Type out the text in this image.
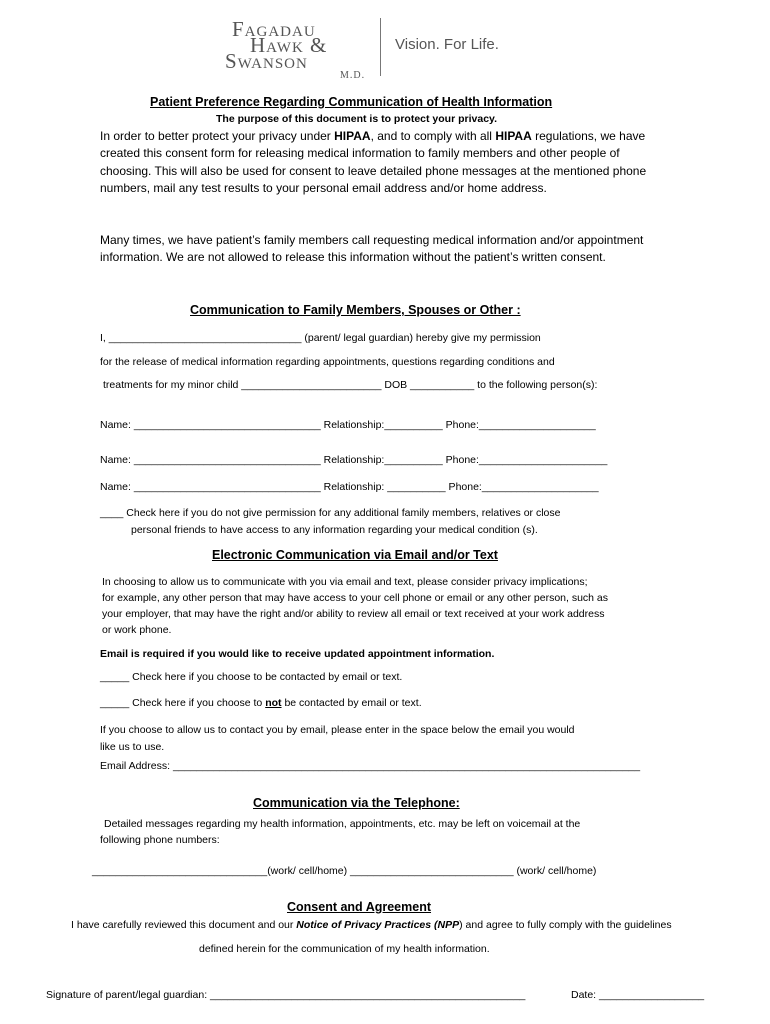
Fagadau
Hawk &
Swanson
M.D.
Vision. For Life.
Patient Preference Regarding Communication of Health Information
The purpose of this document is to protect your privacy.
In order to better protect your privacy under HIPAA, and to comply with all HIPAA regulations, we have created this consent form for releasing medical information to family members and other people of choosing. This will also be used for consent to leave detailed phone messages at the mentioned phone numbers, mail any test results to your personal email address and/or home address.
Many times, we have patient’s family members call requesting medical information and/or appointment information. We are not allowed to release this information without the patient’s written consent.
Communication to Family Members, Spouses or Other :
I, _________________________________ (parent/ legal guardian) hereby give my permission
for the release of medical information regarding appointments, questions regarding conditions and
treatments for my minor child ________________________ DOB ___________ to the following person(s):
Name: ________________________________ Relationship:__________ Phone:____________________
Name: ________________________________ Relationship:__________ Phone:______________________
Name: ________________________________ Relationship: __________ Phone:____________________
____ Check here if you do not give permission for any additional family members, relatives or close
personal friends to have access to any information regarding your medical condition (s).
Electronic Communication via Email and/or Text
In choosing to allow us to communicate with you via email and text, please consider privacy implications;
for example, any other person that may have access to your cell phone or email or any other person, such as
your employer, that may have the right and/or ability to review all email or text received at your work address
or work phone.
Email is required if you would like to receive updated appointment information.
_____ Check here if you choose to be contacted by email or text.
_____ Check here if you choose to not be contacted by email or text.
If you choose to allow us to contact you by email, please enter in the space below the email you would
like us to use.
Email Address: ________________________________________________________________________________
Communication via the Telephone:
Detailed messages regarding my health information, appointments, etc. may be left on voicemail at the
following phone numbers:
______________________________(work/ cell/home) ____________________________ (work/ cell/home)
Consent and Agreement
I have carefully reviewed this document and our Notice of Privacy Practices (NPP) and agree to fully comply with the guidelines
defined herein for the communication of my health information.
Signature of parent/legal guardian: ______________________________________________________	Date: __________________
